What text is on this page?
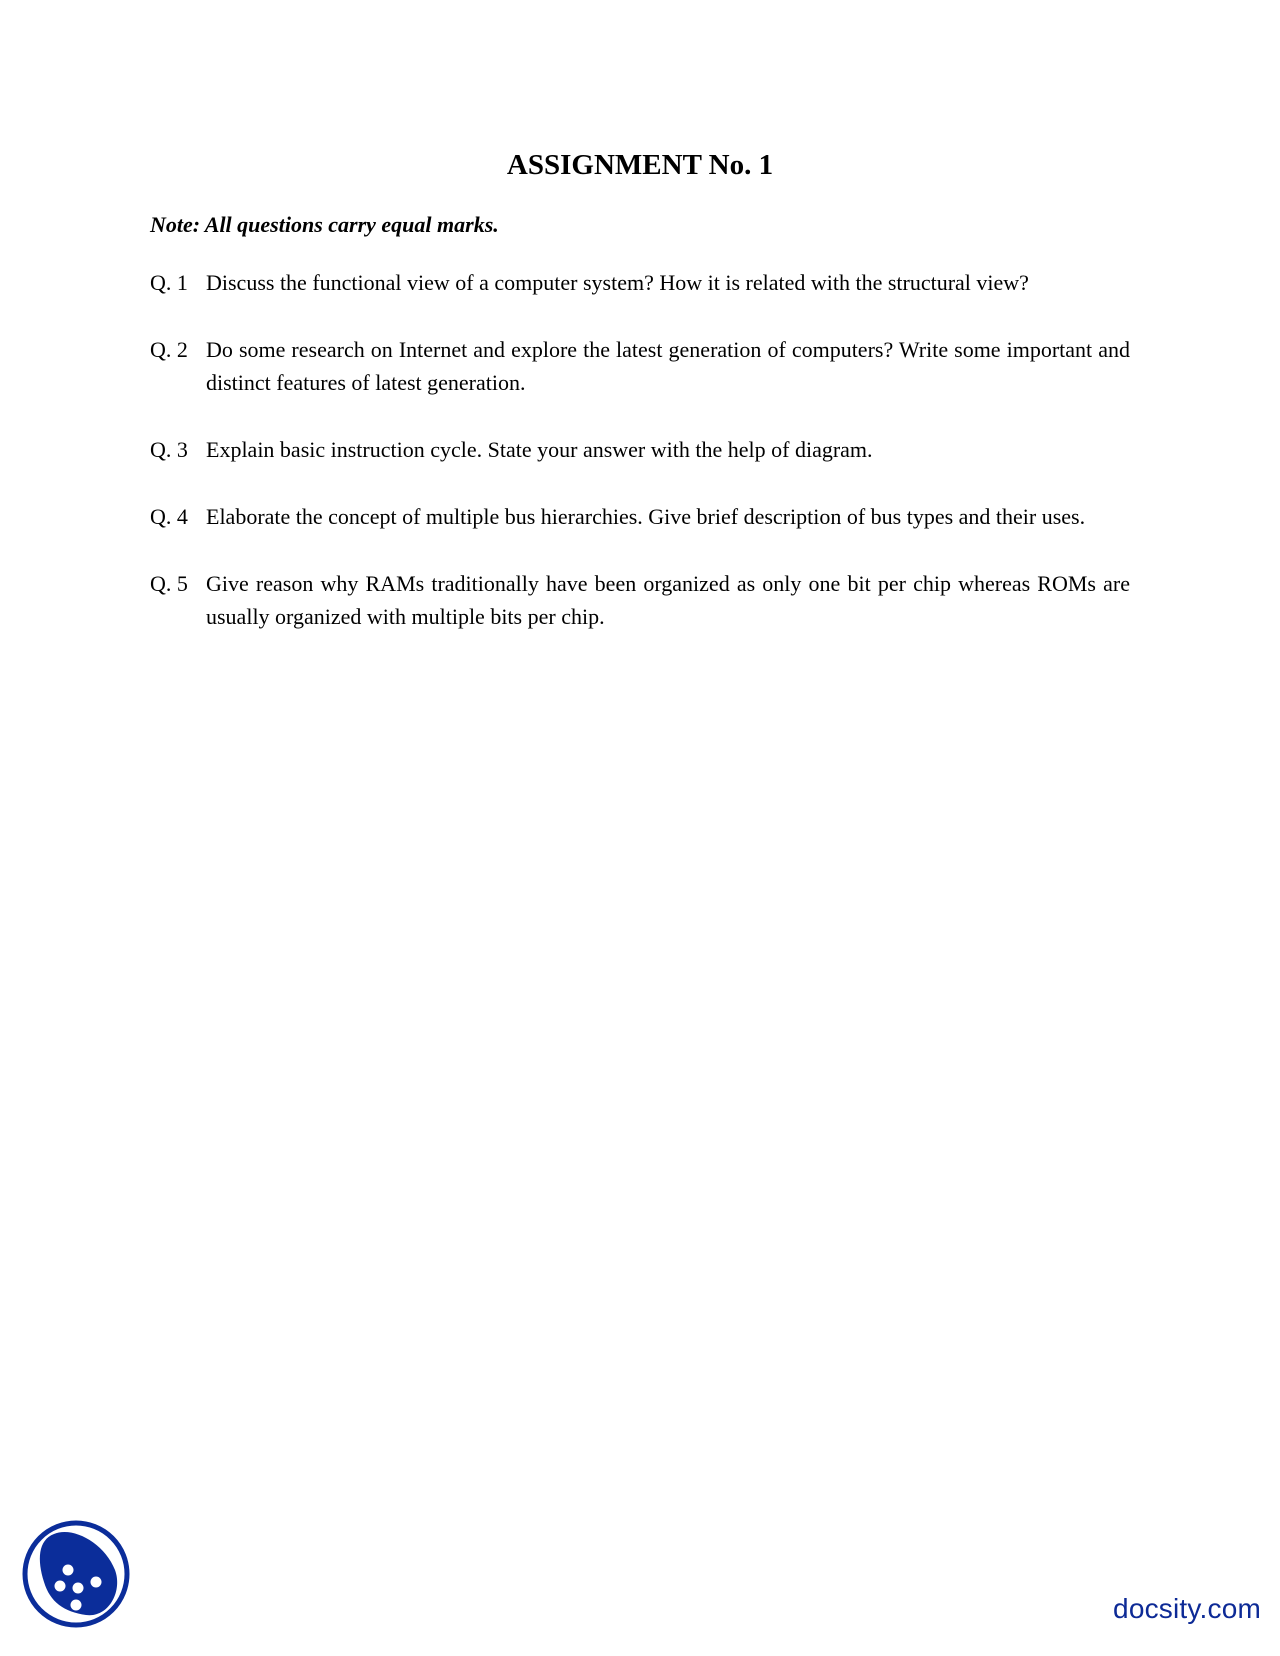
ASSIGNMENT No. 1

Note: All questions carry equal marks.

Q. 1 Discuss the functional view of a computer system? How it is related with the structural view?
Q. 2 Do some research on Internet and explore the latest generation of computers? Write some important and distinct features of latest generation.
Q. 3 Explain basic instruction cycle. State your answer with the help of diagram.
Q. 4 Elaborate the concept of multiple bus hierarchies. Give brief description of bus types and their uses.
Q. 5 Give reason why RAMs traditionally have been organized as only one bit per chip whereas ROMs are usually organized with multiple bits per chip.
docsity.com
